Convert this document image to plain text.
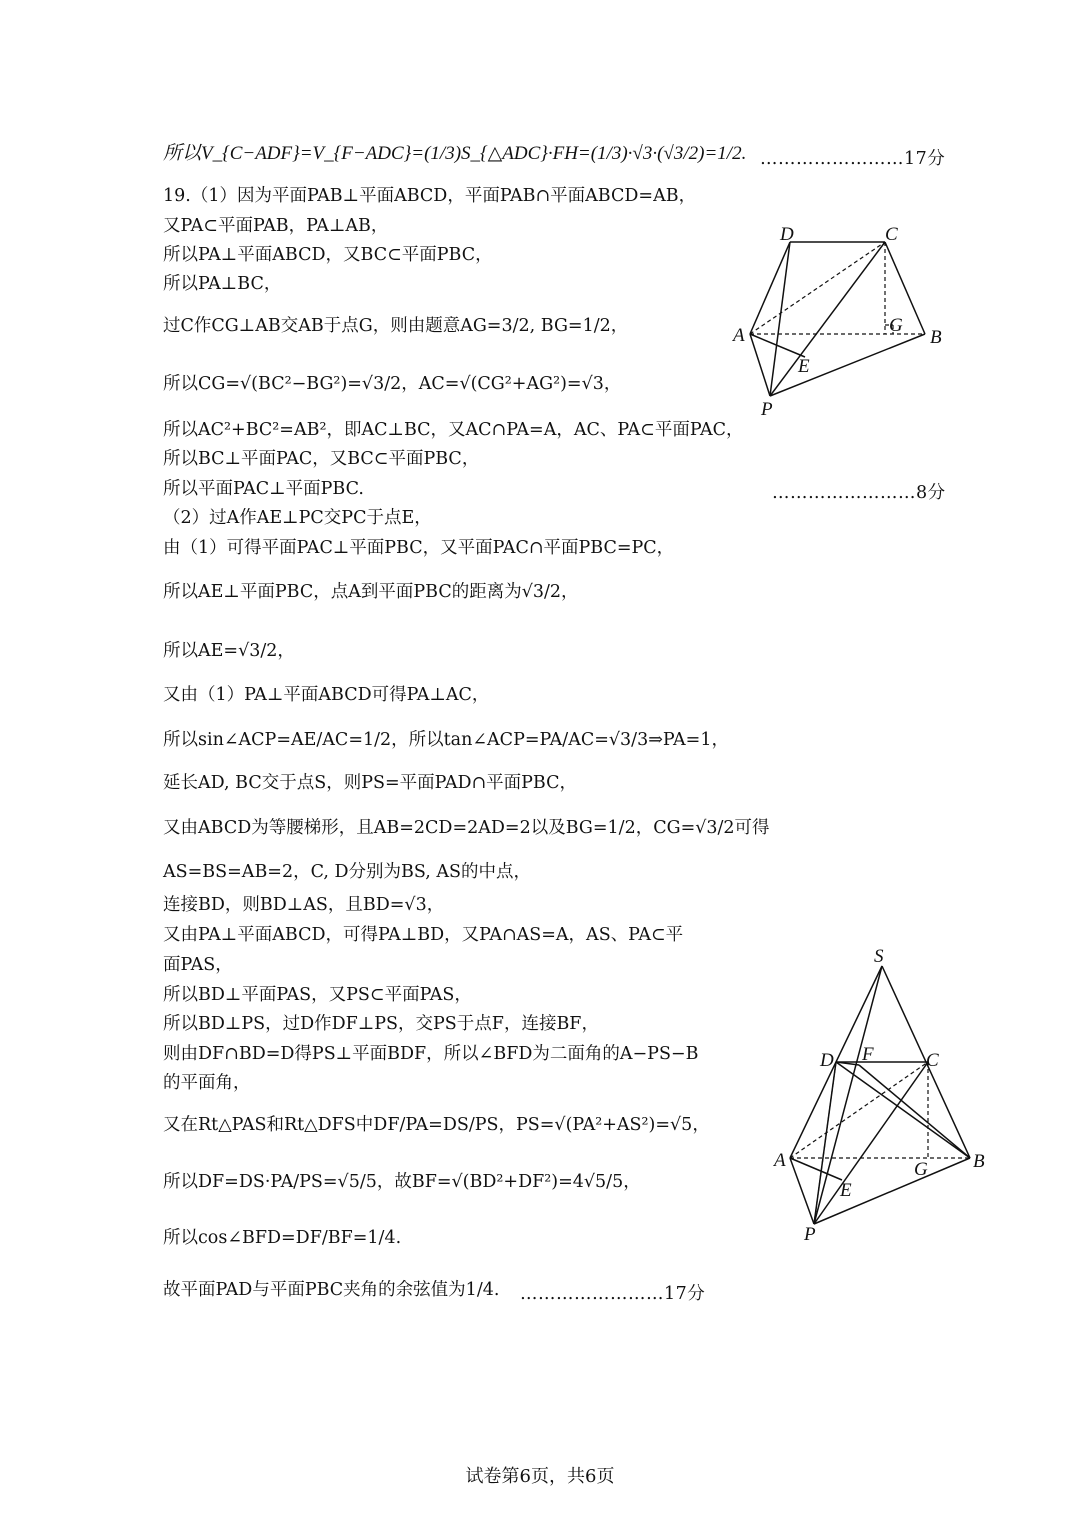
所以V_{C−ADF}=V_{F−ADC}=(1/3)S_{△ADC}·FH=(1/3)·√3·(√3/2)=1/2. ……………………17分
19.（1）因为平面PAB⊥平面ABCD，平面PAB∩平面ABCD=AB，
又PA⊂平面PAB，PA⊥AB，
所以PA⊥平面ABCD，又BC⊂平面PBC，
所以PA⊥BC，
过C作CG⊥AB交AB于点G，则由题意AG=3/2, BG=1/2，
所以CG=√(BC²−BG²)=√3/2，AC=√(CG²+AG²)=√3，
所以AC²+BC²=AB²，即AC⊥BC，又AC∩PA=A，AC、PA⊂平面PAC，
所以BC⊥平面PAC，又BC⊂平面PBC，
所以平面PAC⊥平面PBC.	……………………8分
（2）过A作AE⊥PC交PC于点E，
由（1）可得平面PAC⊥平面PBC，又平面PAC∩平面PBC=PC，
所以AE⊥平面PBC，点A到平面PBC的距离为√3/2，
所以AE=√3/2，
又由（1）PA⊥平面ABCD可得PA⊥AC，
所以sin∠ACP=AE/AC=1/2，所以tan∠ACP=PA/AC=√3/3⇒PA=1，
延长AD, BC交于点S，则PS=平面PAD∩平面PBC，
又由ABCD为等腰梯形，且AB=2CD=2AD=2以及BG=1/2，CG=√3/2可得
AS=BS=AB=2，C, D分别为BS, AS的中点，
连接BD，则BD⊥AS，且BD=√3，
又由PA⊥平面ABCD，可得PA⊥BD，又PA∩AS=A，AS、PA⊂平
面PAS，
所以BD⊥平面PAS，又PS⊂平面PAS，
所以BD⊥PS，过D作DF⊥PS，交PS于点F，连接BF，
则由DF∩BD=D得PS⊥平面BDF，所以∠BFD为二面角的A−PS−B
的平面角，
又在Rt△PAS和Rt△DFS中DF/PA=DS/PS，PS=√(PA²+AS²)=√5，
所以DF=DS·PA/PS=√5/5，故BF=√(BD²+DF²)=4√5/5，
所以cos∠BFD=DF/BF=1/4.
故平面PAD与平面PBC夹角的余弦值为1/4. ……………………17分
D	C
A	G
B
E
P
S
D F	C
A	G B
E
P
试卷第6页，共6页
